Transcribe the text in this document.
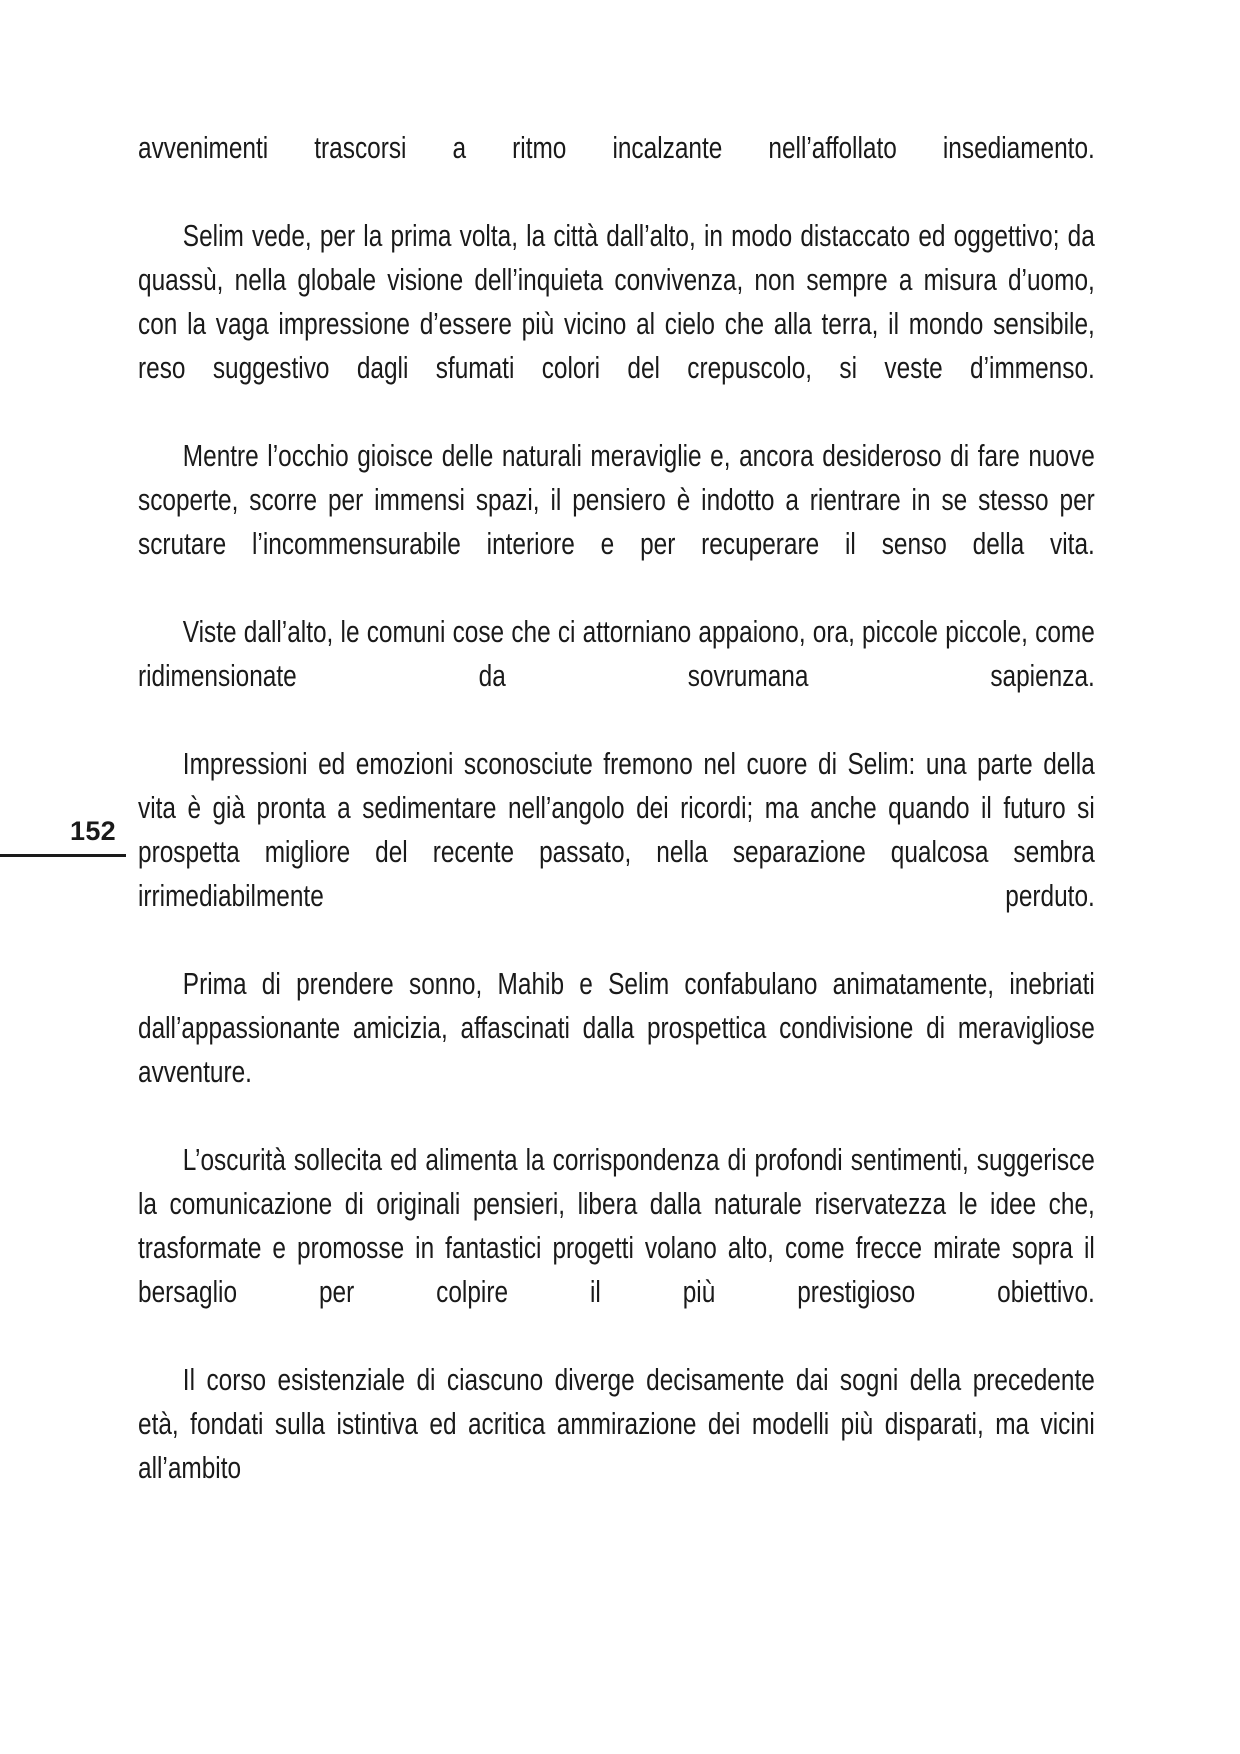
152

avvenimenti trascorsi a ritmo incalzante nell’affollato insediamento.

Selim vede, per la prima volta, la città dall’alto, in modo distaccato ed oggettivo; da quassù, nella globale visione dell’inquieta convivenza, non sempre a misura d’uomo, con la vaga impressione d’essere più vicino al cielo che alla terra, il mondo sensibile, reso suggestivo dagli sfumati colori del crepuscolo, si veste d’immenso.

Mentre l’occhio gioisce delle naturali meraviglie e, ancora desideroso di fare nuove scoperte, scorre per immensi spazi, il pensiero è indotto a rientrare in se stesso per scrutare l’incommensurabile interiore e per recuperare il senso della vita.

Viste dall’alto, le comuni cose che ci attorniano appaiono, ora, piccole piccole, come ridimensionate da sovrumana sapienza.

Impressioni ed emozioni sconosciute fremono nel cuore di Selim: una parte della vita è già pronta a sedimentare nell’angolo dei ricordi; ma anche quando il futuro si prospetta migliore del recente passato, nella separazione qualcosa sembra irrimediabilmente perduto.

Prima di prendere sonno, Mahib e Selim confabulano animatamente, inebriati dall’appassionante amicizia, affascinati dalla prospettica condivisione di meravigliose avventure.

L’oscurità sollecita ed alimenta la corrispondenza di profondi sentimenti, suggerisce la comunicazione di originali pensieri, libera dalla naturale riservatezza le idee che, trasformate e promosse in fantastici progetti volano alto, come frecce mirate sopra il bersaglio per colpire il più prestigioso obiettivo.

Il corso esistenziale di ciascuno diverge decisamente dai sogni della precedente età, fondati sulla istintiva ed acritica ammirazione dei modelli più disparati, ma vicini all’ambito
